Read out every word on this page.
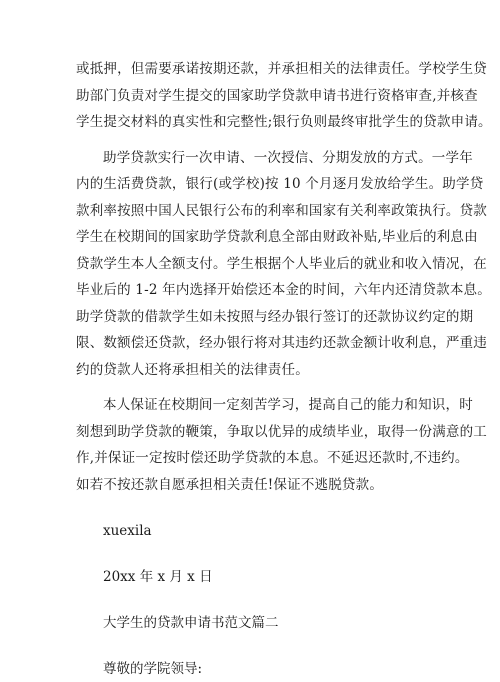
或抵押，但需要承诺按期还款，并承担相关的法律责任。学校学生贷
助部门负责对学生提交的国家助学贷款申请书进行资格审查,并核查
学生提交材料的真实性和完整性;银行负则最终审批学生的贷款申请。
助学贷款实行一次申请、一次授信、分期发放的方式。一学年
内的生活费贷款，银行(或学校)按 10 个月逐月发放给学生。助学贷
款利率按照中国人民银行公布的利率和国家有关利率政策执行。贷款
学生在校期间的国家助学贷款利息全部由财政补贴,毕业后的利息由
贷款学生本人全额支付。学生根据个人毕业后的就业和收入情况，在
毕业后的 1-2 年内选择开始偿还本金的时间，六年内还清贷款本息。
助学贷款的借款学生如未按照与经办银行签订的还款协议约定的期
限、数额偿还贷款，经办银行将对其违约还款金额计收利息，严重违
约的贷款人还将承担相关的法律责任。
本人保证在校期间一定刻苦学习，提高自己的能力和知识，时
刻想到助学贷款的鞭策，争取以优异的成绩毕业，取得一份满意的工
作,并保证一定按时偿还助学贷款的本息。不延迟还款时,不违约。
如若不按还款自愿承担相关责任!保证不逃脱贷款。
xuexila
20xx 年 x 月 x 日
大学生的贷款申请书范文篇二
尊敬的学院领导:
